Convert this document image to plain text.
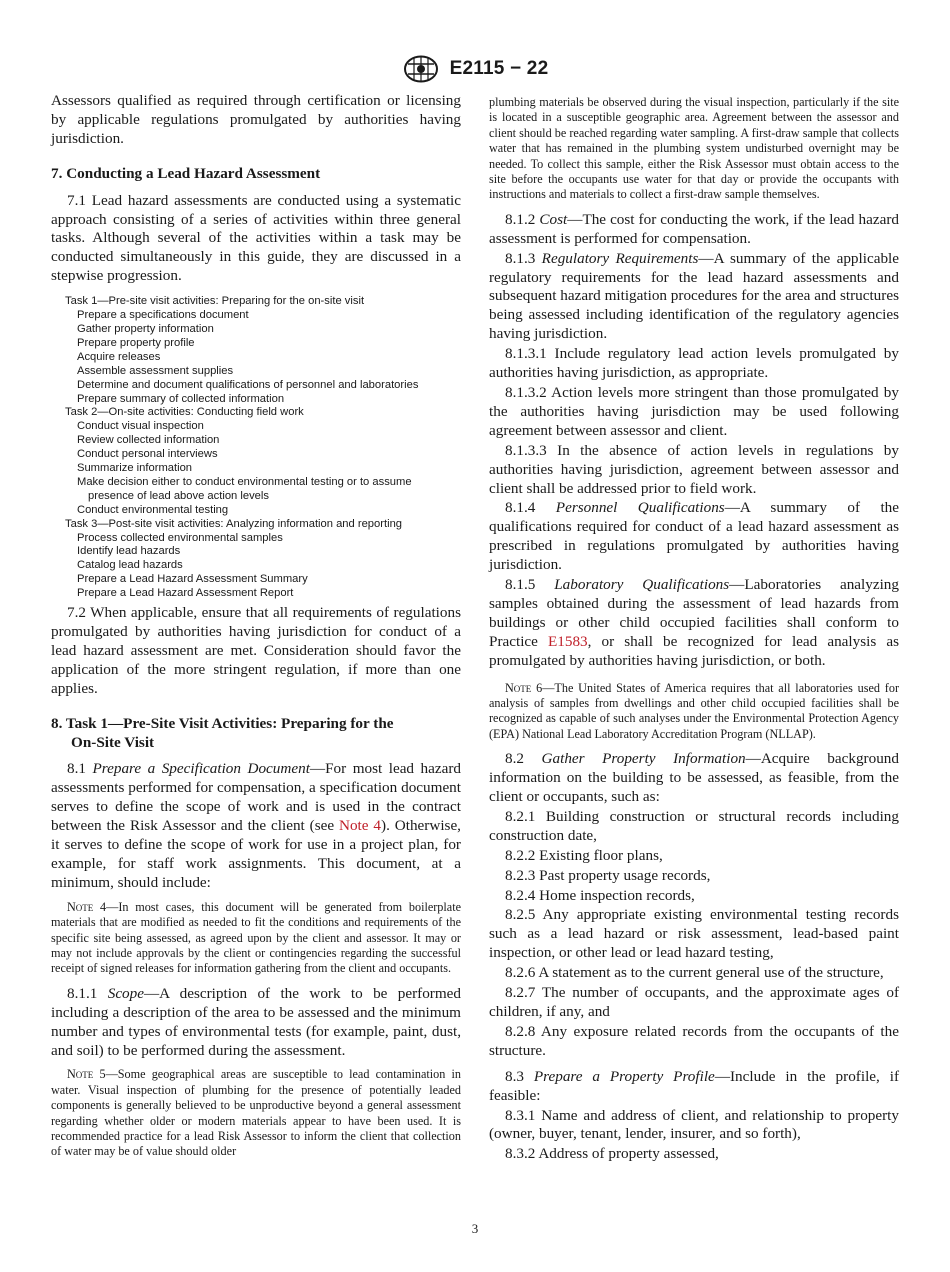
E2115 − 22

Assessors qualified as required through certification or licensing by applicable regulations promulgated by authorities having jurisdiction.

7. Conducting a Lead Hazard Assessment

7.1 Lead hazard assessments are conducted using a systematic approach consisting of a series of activities within three general tasks. Although several of the activities within a task may be conducted simultaneously in this guide, they are discussed in a stepwise progression.

Task 1—Pre-site visit activities: Preparing for the on-site visit
Prepare a specifications document
Gather property information
Prepare property profile
Acquire releases
Assemble assessment supplies
Determine and document qualifications of personnel and laboratories
Prepare summary of collected information
Task 2—On-site activities: Conducting field work
Conduct visual inspection
Review collected information
Conduct personal interviews
Summarize information
Make decision either to conduct environmental testing or to assume
presence of lead above action levels
Conduct environmental testing
Task 3—Post-site visit activities: Analyzing information and reporting
Process collected environmental samples
Identify lead hazards
Catalog lead hazards
Prepare a Lead Hazard Assessment Summary
Prepare a Lead Hazard Assessment Report

7.2 When applicable, ensure that all requirements of regulations promulgated by authorities having jurisdiction for conduct of a lead hazard assessment are met. Consideration should favor the application of the more stringent regulation, if more than one applies.

8. Task 1—Pre-Site Visit Activities: Preparing for the
On-Site Visit

8.1 Prepare a Specification Document—For most lead hazard assessments performed for compensation, a specification document serves to define the scope of work and is used in the contract between the Risk Assessor and the client (see Note 4). Otherwise, it serves to define the scope of work for use in a project plan, for example, for staff work assignments. This document, at a minimum, should include:

Note 4—In most cases, this document will be generated from boilerplate materials that are modified as needed to fit the conditions and requirements of the specific site being assessed, as agreed upon by the client and assessor. It may or may not include approvals by the client or contingencies regarding the successful receipt of signed releases for information gathering from the client and occupants.

8.1.1 Scope—A description of the work to be performed including a description of the area to be assessed and the minimum number and types of environmental tests (for example, paint, dust, and soil) to be performed during the assessment.

Note 5—Some geographical areas are susceptible to lead contamination in water. Visual inspection of plumbing for the presence of potentially leaded components is generally believed to be unproductive beyond a general assessment regarding whether older or modern materials appear to have been used. It is recommended practice for a lead Risk Assessor to inform the client that collection of water may be of value should older

plumbing materials be observed during the visual inspection, particularly if the site is located in a susceptible geographic area. Agreement between the assessor and client should be reached regarding water sampling. A first-draw sample that collects water that has remained in the plumbing system undisturbed overnight may be needed. To collect this sample, either the Risk Assessor must obtain access to the site before the occupants use water for that day or provide the occupants with instructions and materials to collect a first-draw sample themselves.

8.1.2 Cost—The cost for conducting the work, if the lead hazard assessment is performed for compensation.

8.1.3 Regulatory Requirements—A summary of the applicable regulatory requirements for the lead hazard assessments and subsequent hazard mitigation procedures for the area and structures being assessed including identification of the regulatory agencies having jurisdiction.

8.1.3.1 Include regulatory lead action levels promulgated by authorities having jurisdiction, as appropriate.

8.1.3.2 Action levels more stringent than those promulgated by the authorities having jurisdiction may be used following agreement between assessor and client.

8.1.3.3 In the absence of action levels in regulations by authorities having jurisdiction, agreement between assessor and client shall be addressed prior to field work.

8.1.4 Personnel Qualifications—A summary of the qualifications required for conduct of a lead hazard assessment as prescribed in regulations promulgated by authorities having jurisdiction.

8.1.5 Laboratory Qualifications—Laboratories analyzing samples obtained during the assessment of lead hazards from buildings or other child occupied facilities shall conform to Practice E1583, or shall be recognized for lead analysis as promulgated by authorities having jurisdiction, or both.

Note 6—The United States of America requires that all laboratories used for analysis of samples from dwellings and other child occupied facilities shall be recognized as capable of such analyses under the Environmental Protection Agency (EPA) National Lead Laboratory Accreditation Program (NLLAP).

8.2 Gather Property Information—Acquire background information on the building to be assessed, as feasible, from the client or occupants, such as:

8.2.1 Building construction or structural records including construction date,

8.2.2 Existing floor plans,

8.2.3 Past property usage records,

8.2.4 Home inspection records,

8.2.5 Any appropriate existing environmental testing records such as a lead hazard or risk assessment, lead-based paint inspection, or other lead or lead hazard testing,

8.2.6 A statement as to the current general use of the structure,

8.2.7 The number of occupants, and the approximate ages of children, if any, and

8.2.8 Any exposure related records from the occupants of the structure.

8.3 Prepare a Property Profile—Include in the profile, if feasible:

8.3.1 Name and address of client, and relationship to property (owner, buyer, tenant, lender, insurer, and so forth),

8.3.2 Address of property assessed,

3
